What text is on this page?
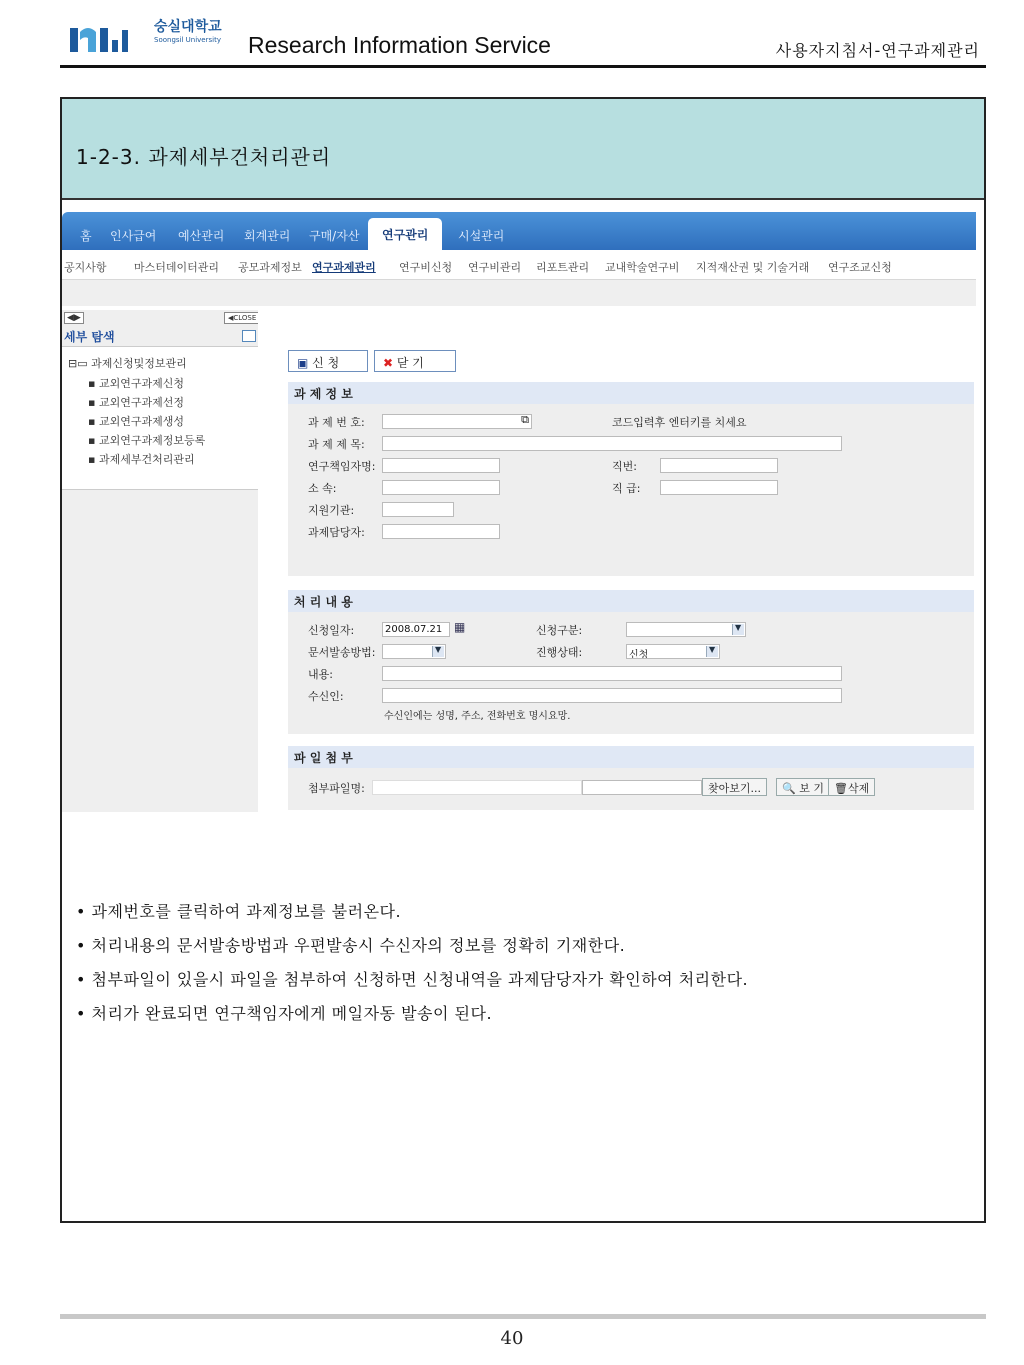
숭실대학교
Soongsil University Research Information Service	사용자지침서-연구과제관리
1-2-3. 과제세부건처리관리
홈 인사급여 예산관리 회계관리 구매/자산	연구관리	시설관리
공지사항 마스터데이터관리 공모과제정보 연구과제관리 연구비신청 연구비관리 리포트관리 교내학술연구비 지적재산권 및 기술거래 연구조교신청
◀▶	◀CLOSE
세부 탐색
⊟▭ 과제신청및정보관리
▪ 교외연구과제신청
▪ 교외연구과제선정
▪ 교외연구과제생성
▪ 교외연구과제정보등록
▪ 과제세부건처리관리
▣ 신 청	✖ 닫 기
과 제 정 보
과 제 번 호:	⧉	코드입력후 엔터키를 치세요
과 제 제 목:
연구책임자명:	직번:
소 속:	직 급:
지원기관:
과제담당자:
처 리 내 용
신청일자:	2008.07.21 ▦	신청구분:
▼
문서발송방법:
▼	진행상태:	신청
▼
내용:
수신인:
수신인에는 성명, 주소, 전화번호 명시요망.
파 일 첨 부
첨부파일명:	찾아보기...	🔍 보 기 🗑삭제
• 과제번호를 클릭하여 과제정보를 불러온다.
• 처리내용의 문서발송방법과 우편발송시 수신자의 정보를 정확히 기재한다.
• 첨부파일이 있을시 파일을 첨부하여 신청하면 신청내역을 과제담당자가 확인하여 처리한다.
• 처리가 완료되면 연구책임자에게 메일자동 발송이 된다.
40
